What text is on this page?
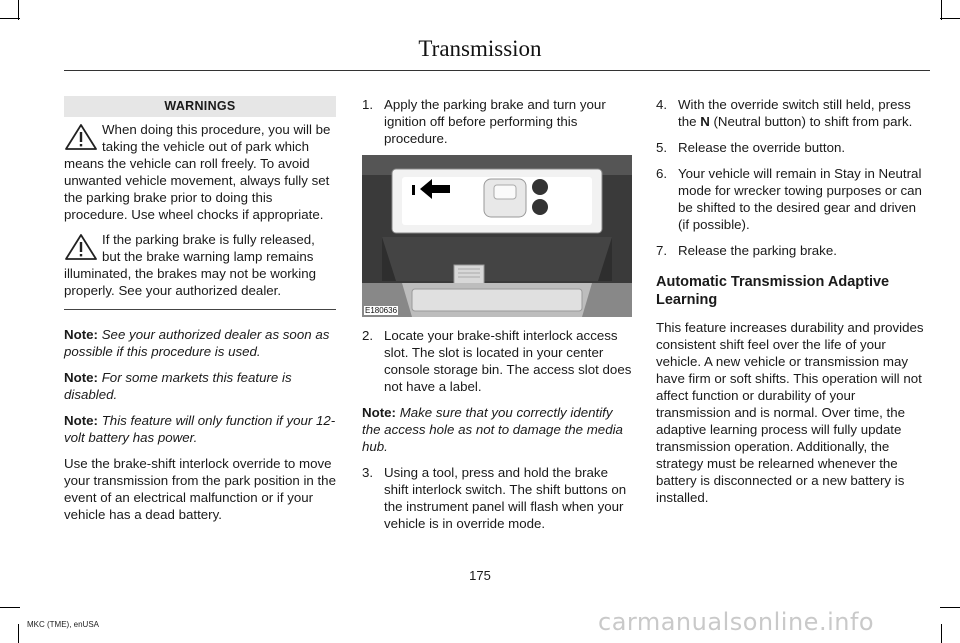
Transmission
WARNINGS

When doing this procedure, you will be taking the vehicle out of park which means the vehicle can roll freely. To avoid unwanted vehicle movement, always fully set the parking brake prior to doing this procedure. Use wheel chocks if appropriate.

If the parking brake is fully released, but the brake warning lamp remains illuminated, the brakes may not be working properly. See your authorized dealer.

Note: See your authorized dealer as soon as possible if this procedure is used.

Note: For some markets this feature is disabled.

Note: This feature will only function if your 12-volt battery has power.

Use the brake-shift interlock override to move your transmission from the park position in the event of an electrical malfunction or if your vehicle has a dead battery.

1. Apply the parking brake and turn your ignition off before performing this procedure.
E180636
2. Locate your brake-shift interlock access slot. The slot is located in your center console storage bin. The access slot does not have a label.

Note: Make sure that you correctly identify the access hole as not to damage the media hub.

3. Using a tool, press and hold the brake shift interlock switch. The shift buttons on the instrument panel will flash when your vehicle is in override mode.
4. With the override switch still held, press the N (Neutral button) to shift from park.
5. Release the override button.
6. Your vehicle will remain in Stay in Neutral mode for wrecker towing purposes or can be shifted to the desired gear and driven (if possible).
7. Release the parking brake.
Automatic Transmission Adaptive Learning

This feature increases durability and provides consistent shift feel over the life of your vehicle. A new vehicle or transmission may have firm or soft shifts. This operation will not affect function or durability of your transmission and is normal. Over time, the adaptive learning process will fully update transmission operation. Additionally, the strategy must be relearned whenever the battery is disconnected or a new battery is installed.

175
MKC (TME), enUSA	carmanualsonline.info
